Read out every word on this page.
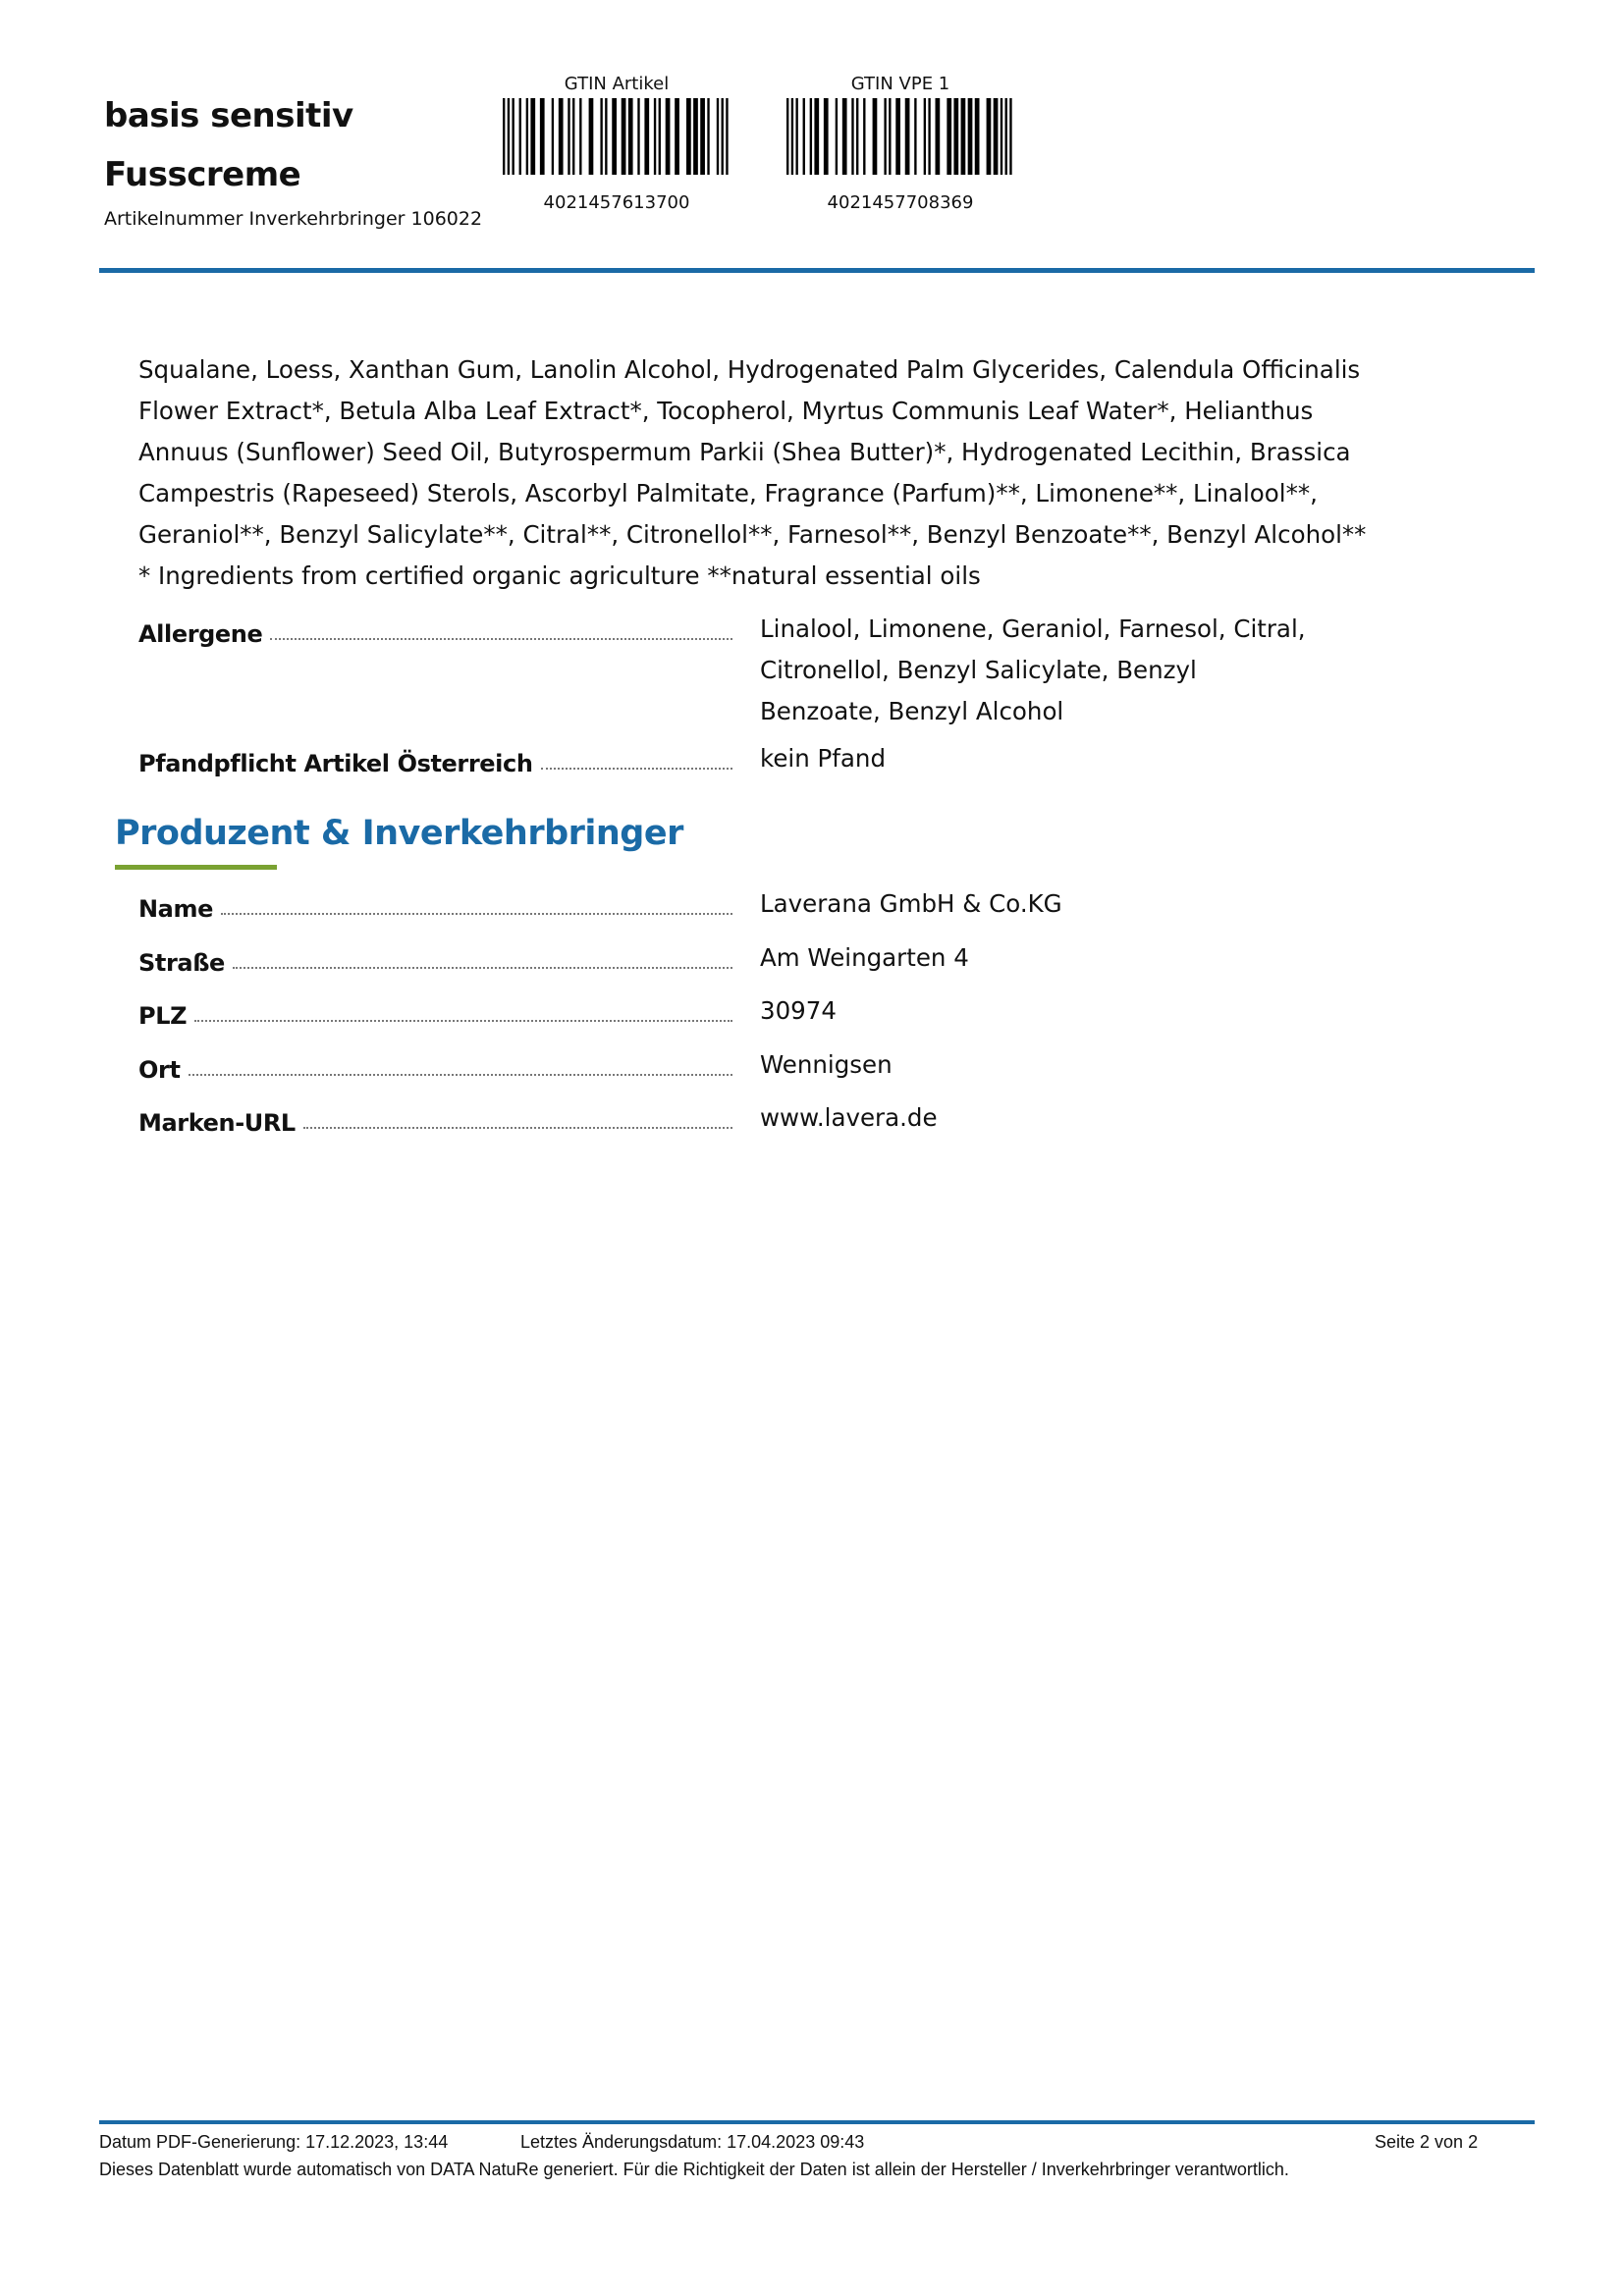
basis sensitiv
Fusscreme
Artikelnummer Inverkehrbringer 106022
GTIN Artikel
4021457613700
GTIN VPE 1
4021457708369
Squalane, Loess, Xanthan Gum, Lanolin Alcohol, Hydrogenated Palm Glycerides, Calendula Officinalis Flower Extract*, Betula Alba Leaf Extract*, Tocopherol, Myrtus Communis Leaf Water*, Helianthus Annuus (Sunflower) Seed Oil, Butyrospermum Parkii (Shea Butter)*, Hydrogenated Lecithin, Brassica Campestris (Rapeseed) Sterols, Ascorbyl Palmitate, Fragrance (Parfum)**, Limonene**, Linalool**, Geraniol**, Benzyl Salicylate**, Citral**, Citronellol**, Farnesol**, Benzyl Benzoate**, Benzyl Alcohol** * Ingredients from certified organic agriculture **natural essential oils
Allergene	Linalool, Limonene, Geraniol, Farnesol, Citral, Citronellol, Benzyl Salicylate, Benzyl Benzoate, Benzyl Alcohol
Pfandpflicht Artikel Österreich	kein Pfand
Produzent & Inverkehrbringer
Name	Laverana GmbH & Co.KG
Straße	Am Weingarten 4
PLZ	30974
Ort	Wennigsen
Marken-URL	www.lavera.de
Datum PDF-Generierung: 17.12.2023, 13:44	Letztes Änderungsdatum: 17.04.2023 09:43	Seite 2 von 2
Dieses Datenblatt wurde automatisch von DATA NatuRe generiert. Für die Richtigkeit der Daten ist allein der Hersteller / Inverkehrbringer verantwortlich.
